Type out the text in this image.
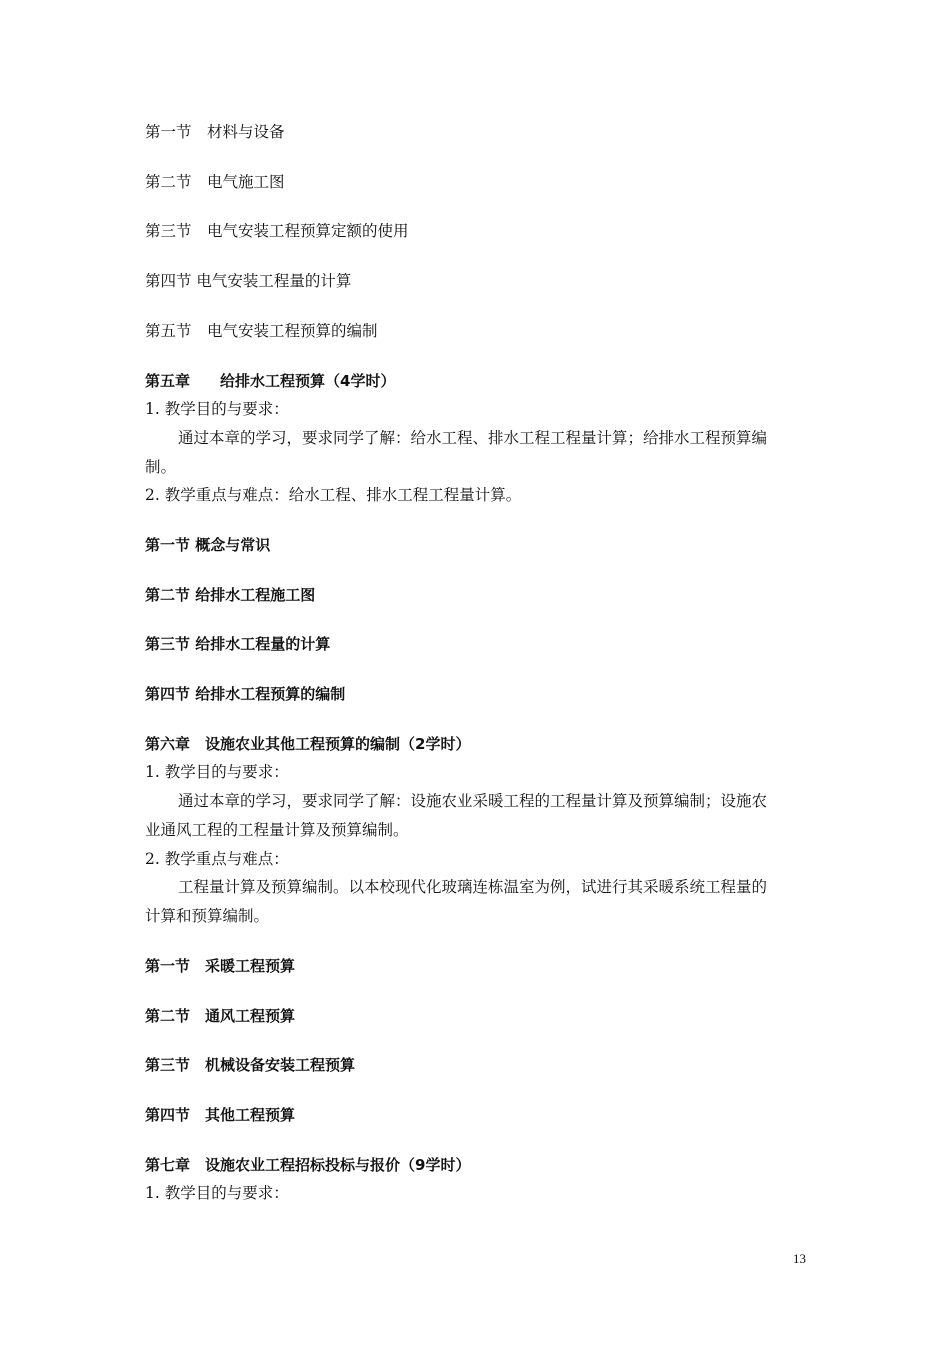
第一节　材料与设备
第二节　电气施工图
第三节　电气安装工程预算定额的使用
第四节 电气安装工程量的计算
第五节　电气安装工程预算的编制
第五章　　给排水工程预算（4学时）
1. 教学目的与要求：
通过本章的学习，要求同学了解：给水工程、排水工程工程量计算；给排水工程预算编
制。
2. 教学重点与难点：给水工程、排水工程工程量计算。
第一节 概念与常识
第二节 给排水工程施工图
第三节 给排水工程量的计算
第四节 给排水工程预算的编制
第六章　设施农业其他工程预算的编制（2学时）
1. 教学目的与要求：
通过本章的学习，要求同学了解：设施农业采暖工程的工程量计算及预算编制；设施农
业通风工程的工程量计算及预算编制。
2. 教学重点与难点：
工程量计算及预算编制。以本校现代化玻璃连栋温室为例，试进行其采暖系统工程量的
计算和预算编制。
第一节　采暖工程预算
第二节　通风工程预算
第三节　机械设备安装工程预算
第四节　其他工程预算
第七章　设施农业工程招标投标与报价（9学时）
1. 教学目的与要求：
13
